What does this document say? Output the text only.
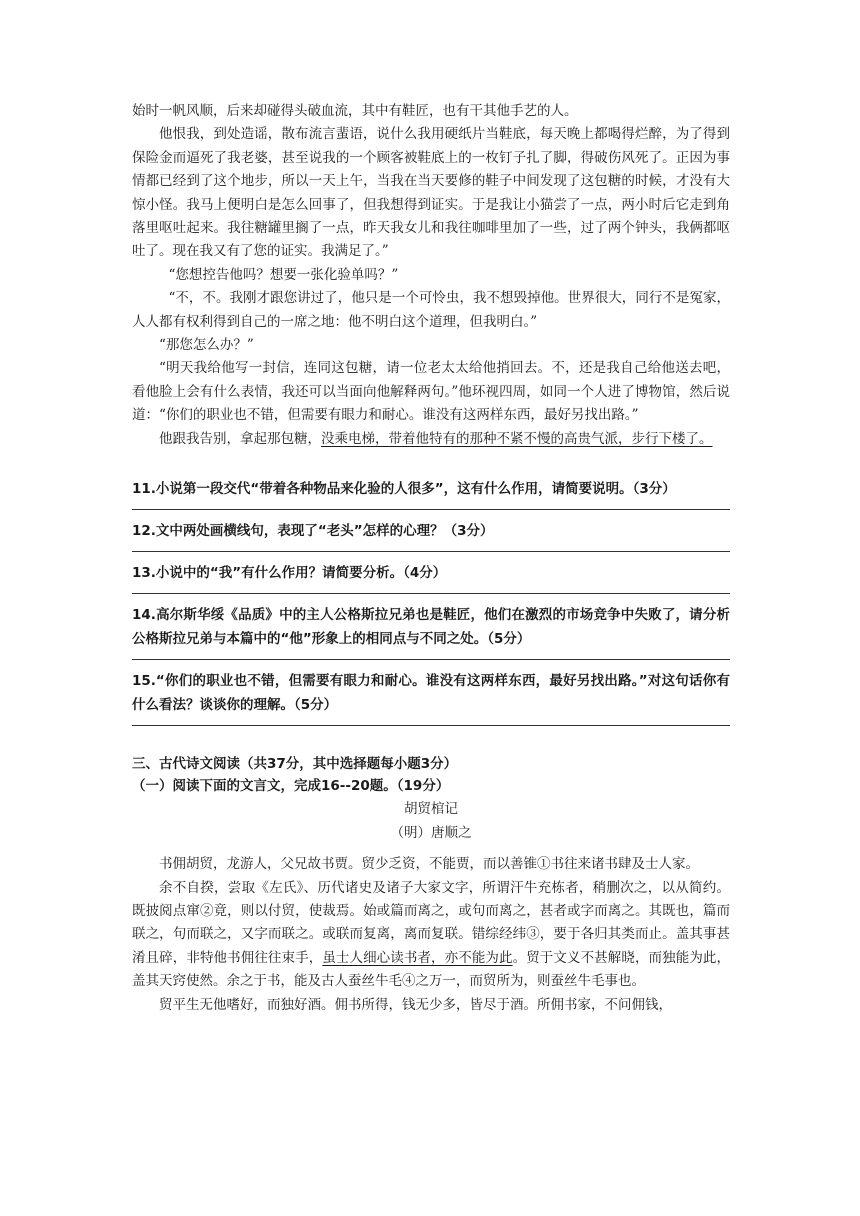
始时一帆风顺，后来却碰得头破血流，其中有鞋匠，也有干其他手艺的人。

他恨我，到处造谣，散布流言蜚语，说什么我用硬纸片当鞋底，每天晚上都喝得烂醉，为了得到保险金而逼死了我老婆，甚至说我的一个顾客被鞋底上的一枚钉子扎了脚，得破伤风死了。正因为事情都已经到了这个地步，所以一天上午，当我在当天要修的鞋子中间发现了这包糖的时候，才没有大惊小怪。我马上便明白是怎么回事了，但我想得到证实。于是我让小猫尝了一点，两小时后它走到角落里呕吐起来。我往糖罐里搁了一点，昨天我女儿和我往咖啡里加了一些，过了两个钟头，我俩都呕吐了。现在我又有了您的证实。我满足了。”

“您想控告他吗？想要一张化验单吗？”

“不，不。我刚才跟您讲过了，他只是一个可怜虫，我不想毁掉他。世界很大，同行不是冤家，人人都有权利得到自己的一席之地：他不明白这个道理，但我明白。”

“那您怎么办？”

“明天我给他写一封信，连同这包糖，请一位老太太给他捎回去。不，还是我自己给他送去吧，看他脸上会有什么表情，我还可以当面向他解释两句。”他环视四周，如同一个人进了博物馆，然后说道：“你们的职业也不错，但需要有眼力和耐心。谁没有这两样东西，最好另找出路。”

他跟我告别，拿起那包糖，没乘电梯，带着他特有的那种不紧不慢的高贵气派，步行下楼了。

11.小说第一段交代“带着各种物品来化验的人很多”，这有什么作用，请简要说明。（3分）

12.文中两处画横线句，表现了“老头”怎样的心理？（3分）

13.小说中的“我”有什么作用？请简要分析。（4分）

14.高尔斯华绥《品质》中的主人公格斯拉兄弟也是鞋匠，他们在激烈的市场竞争中失败了，请分析公格斯拉兄弟与本篇中的“他”形象上的相同点与不同之处。（5分）

15.“你们的职业也不错，但需要有眼力和耐心。谁没有这两样东西，最好另找出路。”对这句话你有什么看法？谈谈你的理解。（5分）

三、古代诗文阅读（共37分，其中选择题每小题3分）

（一）阅读下面的文言文，完成16--20题。（19分）

胡贸棺记

（明）唐顺之

书佣胡贸，龙游人，父兄故书贾。贸少乏资，不能贾，而以善锥①书往来诸书肆及士人家。

余不自揆，尝取《左氏》、历代诸史及诸子大家文字，所谓汗牛充栋者，稍删次之，以从简约。既披阅点窜②竟，则以付贸，使裁焉。始或篇而离之，或句而离之，甚者或字而离之。其既也，篇而联之，句而联之，又字而联之。或联而复离，离而复联。错综经纬③，要于各归其类而止。盖其事甚淆且碎，非特他书佣往往束手，虽士人细心读书者，亦不能为此。贸于文义不甚解晓，而独能为此，盖其天窍使然。余之于书，能及古人蚕丝牛毛④之万一，而贸所为，则蚕丝牛毛事也。

贸平生无他嗜好，而独好酒。佣书所得，钱无少多，皆尽于酒。所佣书家，不问佣钱，
